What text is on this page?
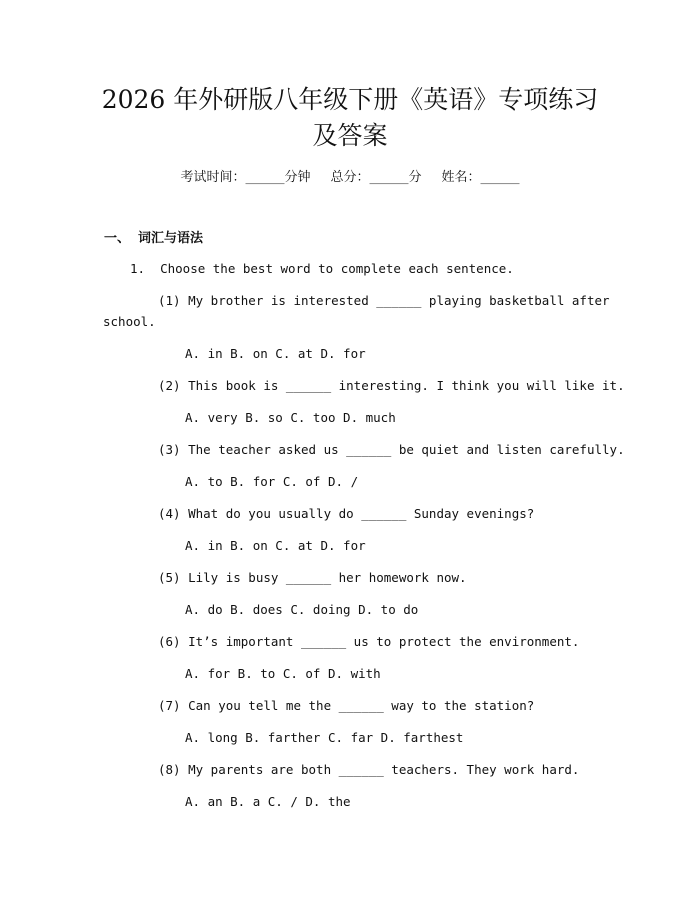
2026 年外研版八年级下册《英语》专项练习
及答案
考试时间：______分钟 总分：______分 姓名：______
一、 词汇与语法
1.  Choose the best word to complete each sentence.
(1) My brother is interested ______ playing basketball after
school.
A. in B. on C. at D. for
(2) This book is ______ interesting. I think you will like it.
A. very B. so C. too D. much
(3) The teacher asked us ______ be quiet and listen carefully.
A. to B. for C. of D. /
(4) What do you usually do ______ Sunday evenings?
A. in B. on C. at D. for
(5) Lily is busy ______ her homework now.
A. do B. does C. doing D. to do
(6) It’s important ______ us to protect the environment.
A. for B. to C. of D. with
(7) Can you tell me the ______ way to the station?
A. long B. farther C. far D. farthest
(8) My parents are both ______ teachers. They work hard.
A. an B. a C. / D. the
